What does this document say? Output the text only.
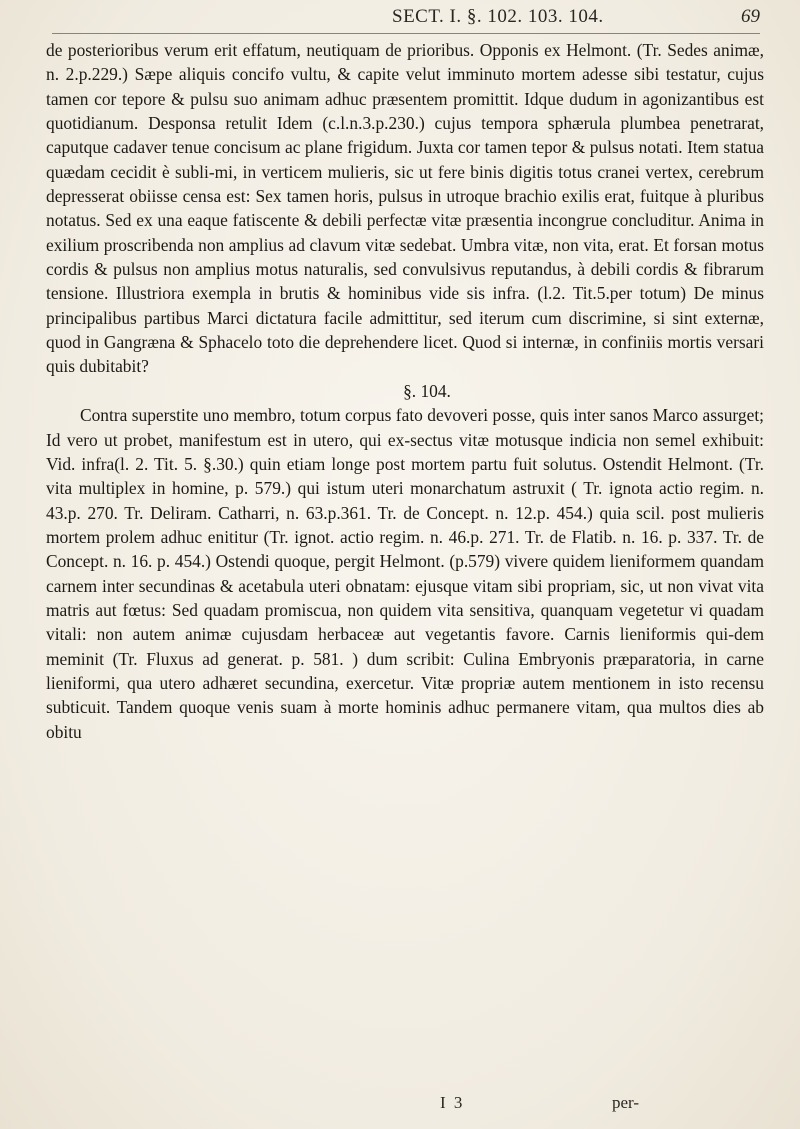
SECT. I. §. 102. 103. 104.	69

de posterioribus verum erit effatum, neutiquam de prioribus. Opponis ex Helmont. (Tr. Sedes animæ, n. 2.p.229.) Sæpe aliquis concifo vultu, & capite velut imminuto mortem adesse sibi testatur, cujus tamen cor tepore & pulsu suo animam adhuc præsentem promittit. Idque dudum in agonizantibus est quotidianum. Desponsa retulit Idem (c.l.n.3.p.230.) cujus tempora sphærula plumbea penetrarat, caputque cadaver tenue concisum ac plane frigidum. Juxta cor tamen tepor & pulsus notati. Item statua quædam cecidit è subli-mi, in verticem mulieris, sic ut fere binis digitis totus cranei vertex, cerebrum depresserat obiisse censa est: Sex tamen horis, pulsus in utroque brachio exilis erat, fuitque à pluribus notatus. Sed ex una eaque fatiscente & debili perfectæ vitæ præsentia incongrue concluditur. Anima in exilium proscribenda non amplius ad clavum vitæ sedebat. Umbra vitæ, non vita, erat. Et forsan motus cordis & pulsus non amplius motus naturalis, sed convulsivus reputandus, à debili cordis & fibrarum tensione. Illustriora exempla in brutis & hominibus vide sis infra. (l.2. Tit.5.per totum) De minus principalibus partibus Marci dictatura facile admittitur, sed iterum cum discrimine, si sint externæ, quod in Gangræna & Sphacelo toto die deprehendere licet. Quod si internæ, in confiniis mortis versari quis dubitabit?

§. 104.

Contra superstite uno membro, totum corpus fato devoveri posse, quis inter sanos Marco assurget; Id vero ut probet, manifestum est in utero, qui ex-sectus vitæ motusque indicia non semel exhibuit: Vid. infra(l. 2. Tit. 5. §.30.) quin etiam longe post mortem partu fuit solutus. Ostendit Helmont. (Tr. vita multiplex in homine, p. 579.) qui istum uteri monarchatum astruxit ( Tr. ignota actio regim. n. 43.p. 270. Tr. Deliram. Catharri, n. 63.p.361. Tr. de Concept. n. 12.p. 454.) quia scil. post mulieris mortem prolem adhuc enititur (Tr. ignot. actio regim. n. 46.p. 271. Tr. de Flatib. n. 16. p. 337. Tr. de Concept. n. 16. p. 454.) Ostendi quoque, pergit Helmont. (p.579) vivere quidem lieniformem quandam carnem inter secundinas & acetabula uteri obnatam: ejusque vitam sibi propriam, sic, ut non vivat vita matris aut fœtus: Sed quadam promiscua, non quidem vita sensitiva, quanquam vegetetur vi quadam vitali: non autem animæ cujusdam herbaceæ aut vegetantis favore. Carnis lieniformis qui-dem meminit (Tr. Fluxus ad generat. p. 581. ) dum scribit: Culina Embryonis præparatoria, in carne lieniformi, qua utero adhæret secundina, exercetur. Vitæ propriæ autem mentionem in isto recensu subticuit. Tandem quoque venis suam à morte hominis adhuc permanere vitam, qua multos dies ab obitu

I 3	per-
